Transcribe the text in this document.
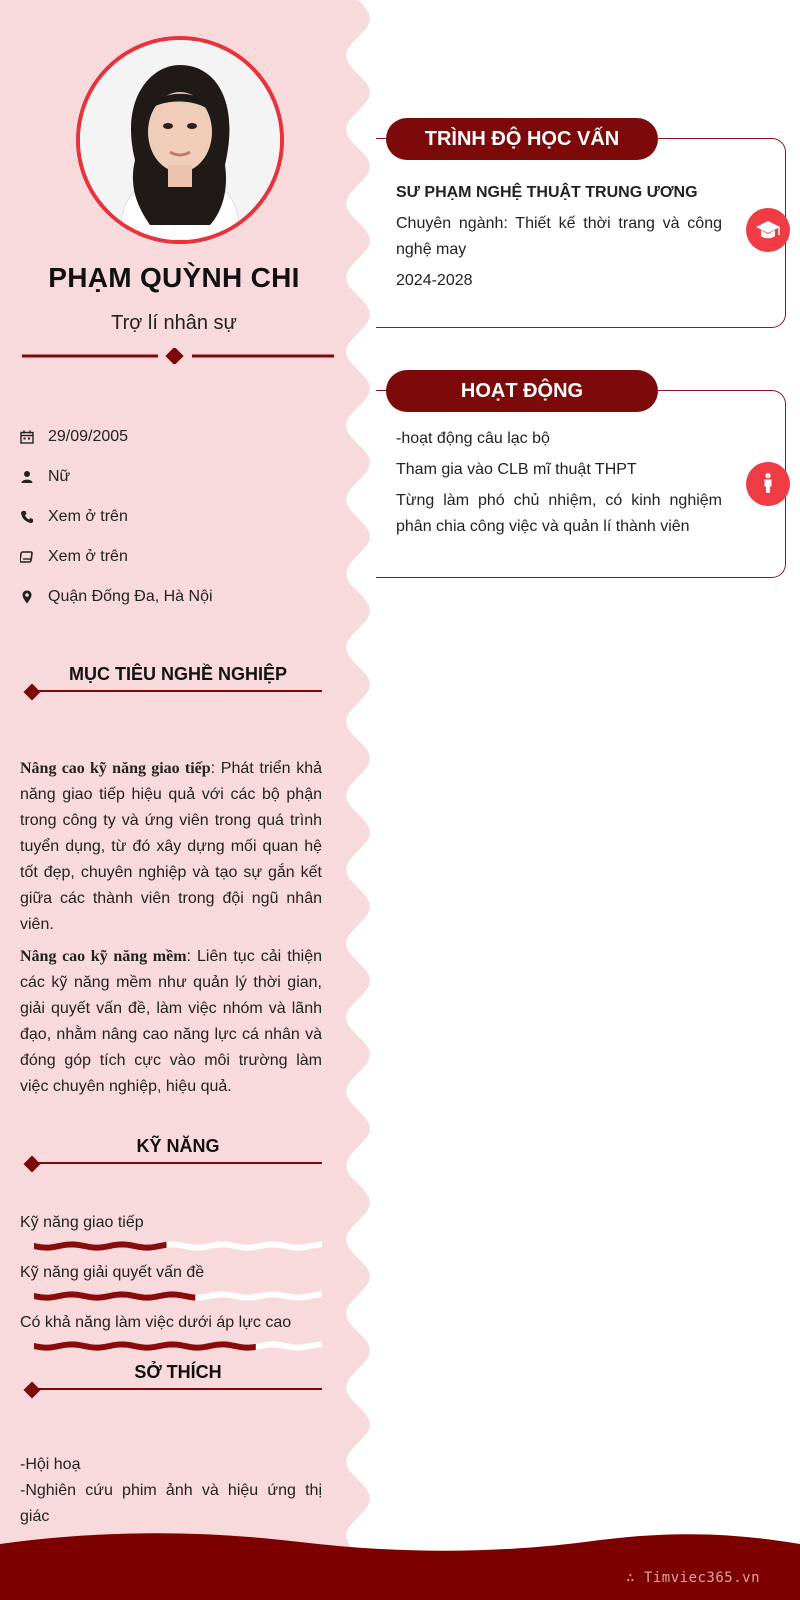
PHẠM QUỲNH CHI
Trợ lí nhân sự
29/09/2005
Nữ
Xem ở trên
Xem ở trên
Quận Đống Đa, Hà Nội
MỤC TIÊU NGHỀ NGHIỆP

Nâng cao kỹ năng giao tiếp: Phát triển khả năng giao tiếp hiệu quả với các bộ phận trong công ty và ứng viên trong quá trình tuyển dụng, từ đó xây dựng mối quan hệ tốt đẹp, chuyên nghiệp và tạo sự gắn kết giữa các thành viên trong đội ngũ nhân viên.

Nâng cao kỹ năng mềm: Liên tục cải thiện các kỹ năng mềm như quản lý thời gian, giải quyết vấn đề, làm việc nhóm và lãnh đạo, nhằm nâng cao năng lực cá nhân và đóng góp tích cực vào môi trường làm việc chuyên nghiệp, hiệu quả.

KỸ NĂNG
Kỹ năng giao tiếp
Kỹ năng giải quyết vấn đề
Có khả năng làm việc dưới áp lực cao
SỞ THÍCH
-Hội hoạ
-Nghiên cứu phim ảnh và hiệu ứng thị giác
TRÌNH ĐỘ HỌC VẤN
SƯ PHẠM NGHỆ THUẬT TRUNG ƯƠNG
Chuyên ngành: Thiết kế thời trang và công nghệ may
2024-2028
HOẠT ĐỘNG
-hoạt động câu lạc bộ
Tham gia vào CLB mĩ thuật THPT
Từng làm phó chủ nhiệm, có kinh nghiệm phân chia công việc và quản lí thành viên
∴ Timviec365.vn
